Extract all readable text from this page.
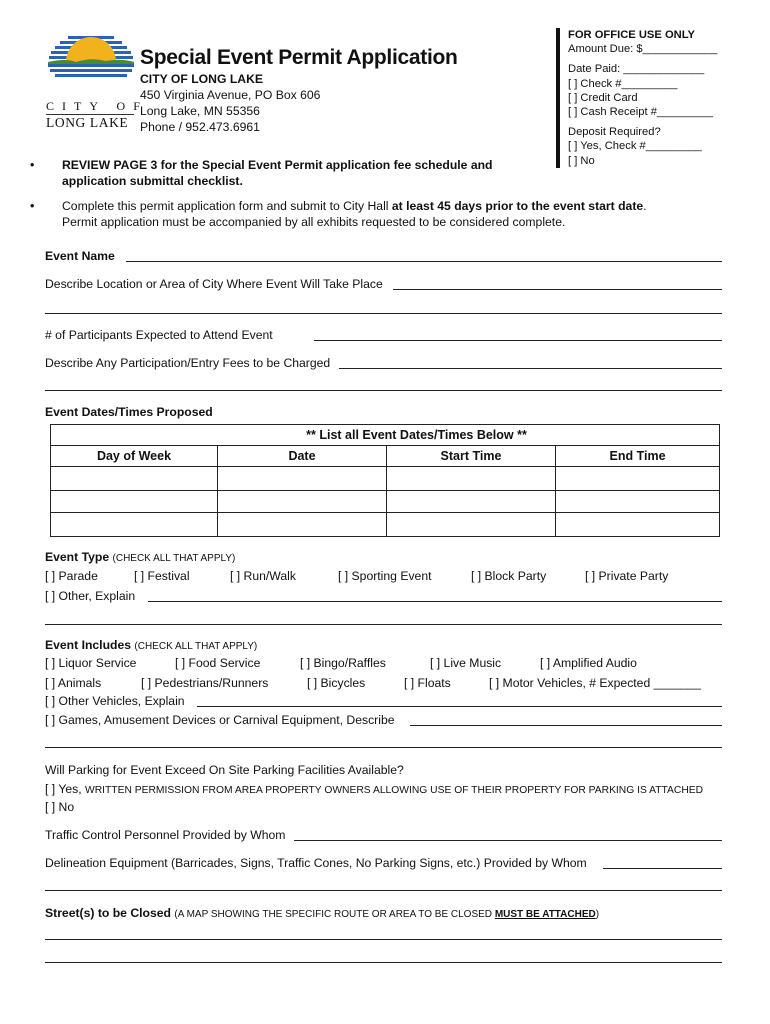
CITY OF
LONG LAKE
Special Event Permit Application
CITY OF LONG LAKE
450 Virginia Avenue, PO Box 606
Long Lake, MN 55356
Phone / 952.473.6961
FOR OFFICE USE ONLY
Amount Due: $____________
Date Paid: _____________
[ ] Check #_________
[ ] Credit Card
[ ] Cash Receipt #_________
Deposit Required?
[ ] Yes, Check #_________
[ ] No
• REVIEW PAGE 3 for the Special Event Permit application fee schedule and
application submittal checklist.
• Complete this permit application form and submit to City Hall at least 45 days prior to the event start date.
Permit application must be accompanied by all exhibits requested to be considered complete.
Event Name
Describe Location or Area of City Where Event Will Take Place
# of Participants Expected to Attend Event
Describe Any Participation/Entry Fees to be Charged
Event Dates/Times Proposed
	** List all Event Dates/Times Below **		
Day of Week	Date	Start Time	End Time

Event Type (CHECK ALL THAT APPLY)
[ ] Parade	[ ] Festival	[ ] Run/Walk	[ ] Sporting Event	[ ] Block Party	[ ] Private Party
[ ] Other, Explain
Event Includes (CHECK ALL THAT APPLY)
[ ] Liquor Service	[ ] Food Service	[ ] Bingo/Raffles	[ ] Live Music	[ ] Amplified Audio
[ ] Animals	[ ] Pedestrians/Runners	[ ] Bicycles	[ ] Floats	[ ] Motor Vehicles, # Expected _______
[ ] Other Vehicles, Explain
[ ] Games, Amusement Devices or Carnival Equipment, Describe
Will Parking for Event Exceed On Site Parking Facilities Available?
[ ] Yes, WRITTEN PERMISSION FROM AREA PROPERTY OWNERS ALLOWING USE OF THEIR PROPERTY FOR PARKING IS ATTACHED
[ ] No
Traffic Control Personnel Provided by Whom
Delineation Equipment (Barricades, Signs, Traffic Cones, No Parking Signs, etc.) Provided by Whom
Street(s) to be Closed (A MAP SHOWING THE SPECIFIC ROUTE OR AREA TO BE CLOSED MUST BE ATTACHED)
